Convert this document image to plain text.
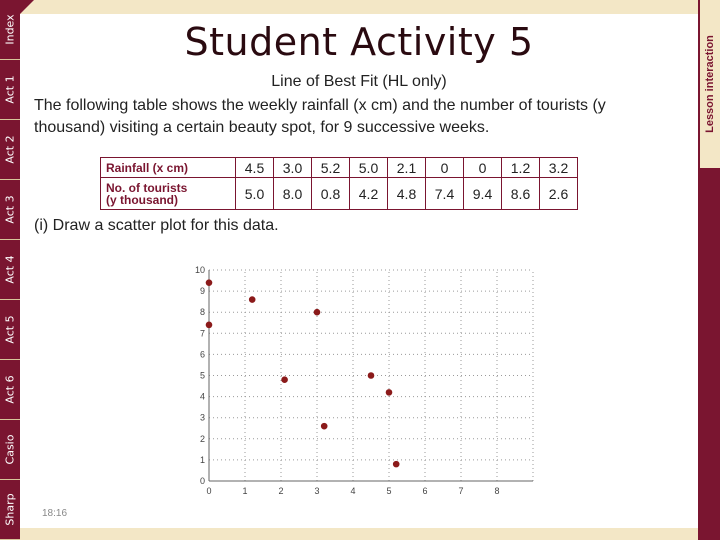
Index
Act 1
Act 2
Act 3
Act 4
Act 5
Act 6
Casio
Sharp
Lesson interaction
Student Activity 5
Line of Best Fit (HL only)
The following table shows the weekly rainfall (x cm) and the number of tourists (y thousand) visiting a certain beauty spot, for 9 successive weeks.
Rainfall (x cm)	4.5	3.0	5.2	5.0	2.1	0	0	1.2	3.2
No. of tourists
(y thousand)	5.0	8.0	0.8	4.2	4.8	7.4	9.4	8.6	2.6
(i) Draw a scatter plot for this data.
0	1	2	3	4	5	6	7	8
0
1
2
3
4
5
6
7
8
9
10
18:16
